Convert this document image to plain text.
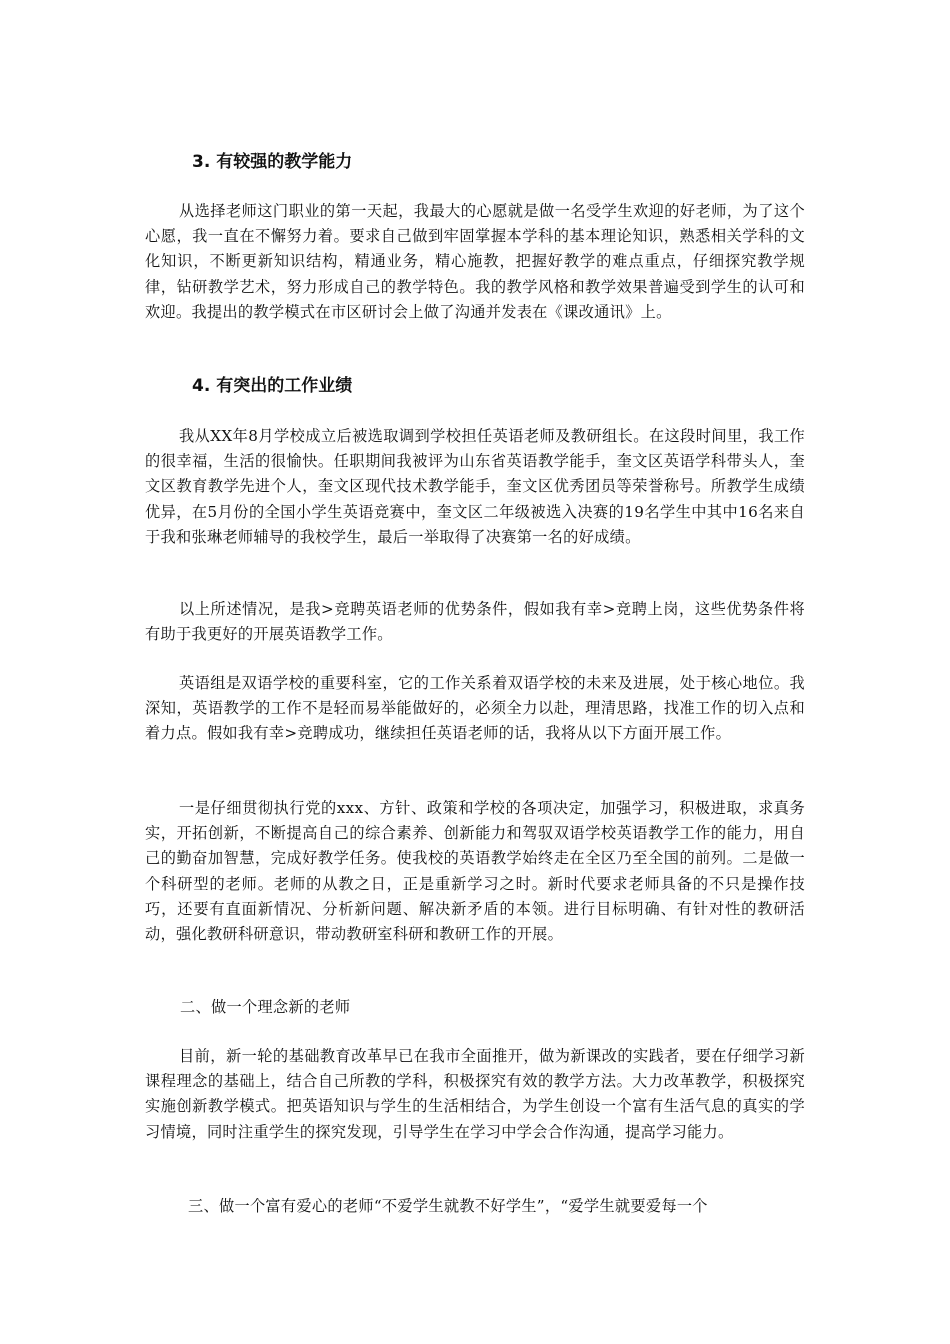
3. 有较强的教学能力

从选择老师这门职业的第一天起，我最大的心愿就是做一名受学生欢迎的好老师，为了这个心愿，我一直在不懈努力着。要求自己做到牢固掌握本学科的基本理论知识，熟悉相关学科的文化知识，不断更新知识结构，精通业务，精心施教，把握好教学的难点重点，仔细探究教学规律，钻研教学艺术，努力形成自己的教学特色。我的教学风格和教学效果普遍受到学生的认可和欢迎。我提出的教学模式在市区研讨会上做了沟通并发表在《课改通讯》上。

4. 有突出的工作业绩

我从XX年8月学校成立后被选取调到学校担任英语老师及教研组长。在这段时间里，我工作的很幸福，生活的很愉快。任职期间我被评为山东省英语教学能手，奎文区英语学科带头人，奎文区教育教学先进个人，奎文区现代技术教学能手，奎文区优秀团员等荣誉称号。所教学生成绩优异，在5月份的全国小学生英语竞赛中，奎文区二年级被选入决赛的19名学生中其中16名来自于我和张琳老师辅导的我校学生，最后一举取得了决赛第一名的好成绩。

以上所述情况，是我>竞聘英语老师的优势条件，假如我有幸>竞聘上岗，这些优势条件将有助于我更好的开展英语教学工作。

英语组是双语学校的重要科室，它的工作关系着双语学校的未来及进展，处于核心地位。我深知，英语教学的工作不是轻而易举能做好的，必须全力以赴，理清思路，找准工作的切入点和着力点。假如我有幸>竞聘成功，继续担任英语老师的话，我将从以下方面开展工作。

一是仔细贯彻执行党的xxx、方针、政策和学校的各项决定，加强学习，积极进取，求真务实，开拓创新，不断提高自己的综合素养、创新能力和驾驭双语学校英语教学工作的能力，用自己的勤奋加智慧，完成好教学任务。使我校的英语教学始终走在全区乃至全国的前列。二是做一个科研型的老师。老师的从教之日，正是重新学习之时。新时代要求老师具备的不只是操作技巧，还要有直面新情况、分析新问题、解决新矛盾的本领。进行目标明确、有针对性的教研活动，强化教研科研意识，带动教研室科研和教研工作的开展。

二、做一个理念新的老师

目前，新一轮的基础教育改革早已在我市全面推开，做为新课改的实践者，要在仔细学习新课程理念的基础上，结合自己所教的学科，积极探究有效的教学方法。大力改革教学，积极探究实施创新教学模式。把英语知识与学生的生活相结合，为学生创设一个富有生活气息的真实的学习情境，同时注重学生的探究发现，引导学生在学习中学会合作沟通，提高学习能力。

三、做一个富有爱心的老师“不爱学生就教不好学生”，“爱学生就要爱每一个
